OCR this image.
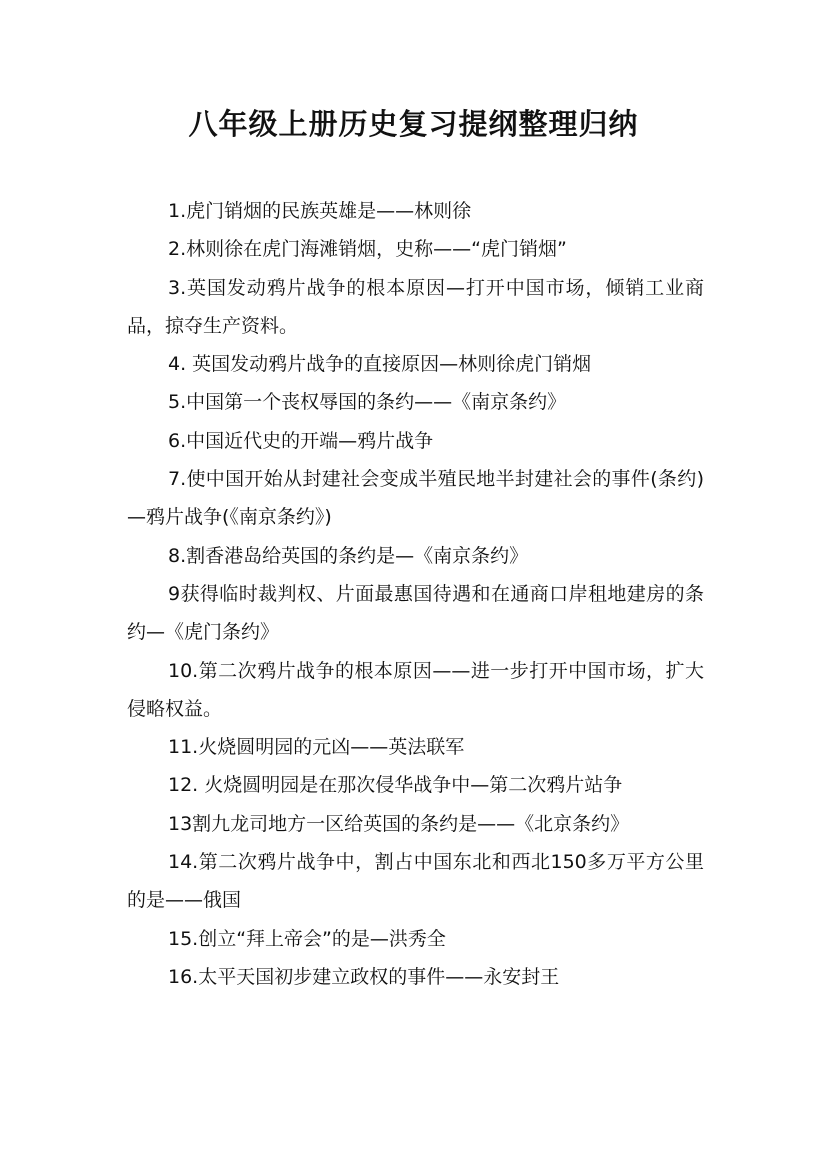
八年级上册历史复习提纲整理归纳

1.虎门销烟的民族英雄是——林则徐

2.林则徐在虎门海滩销烟，史称——“虎门销烟”

3.英国发动鸦片战争的根本原因—打开中国市场，倾销工业商品，掠夺生产资料。

4. 英国发动鸦片战争的直接原因—林则徐虎门销烟

5.中国第一个丧权辱国的条约——《南京条约》

6.中国近代史的开端—鸦片战争

7.使中国开始从封建社会变成半殖民地半封建社会的事件(条约)—鸦片战争(《南京条约》)

8.割香港岛给英国的条约是—《南京条约》

9获得临时裁判权、片面最惠国待遇和在通商口岸租地建房的条约—《虎门条约》

10.第二次鸦片战争的根本原因——进一步打开中国市场，扩大侵略权益。

11.火烧圆明园的元凶——英法联军

12. 火烧圆明园是在那次侵华战争中—第二次鸦片站争

13割九龙司地方一区给英国的条约是——《北京条约》

14.第二次鸦片战争中，割占中国东北和西北150多万平方公里的是——俄国

15.创立“拜上帝会”的是—洪秀全

16.太平天国初步建立政权的事件——永安封王
